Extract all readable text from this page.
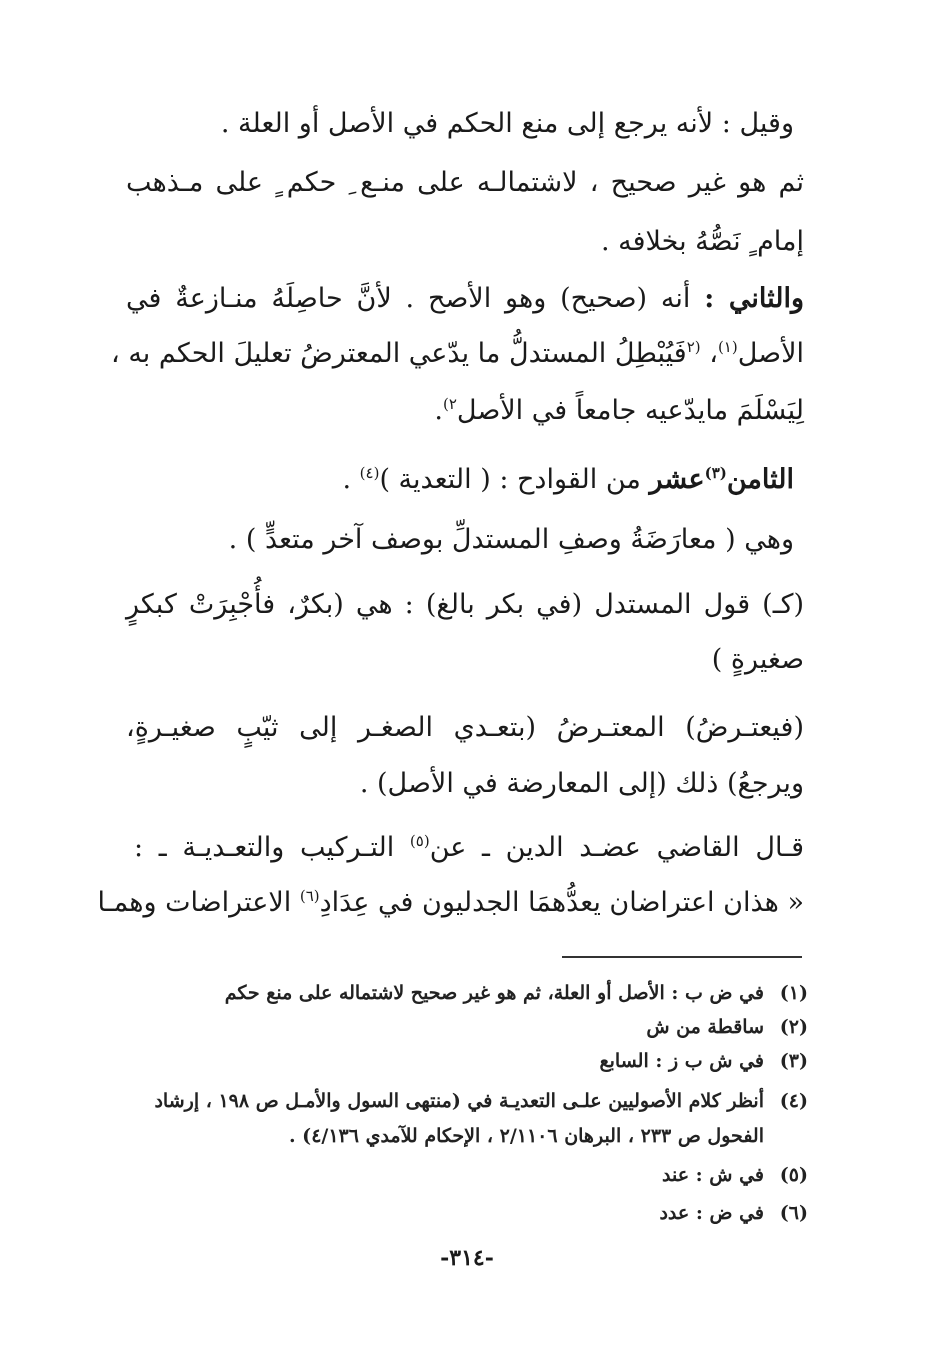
وقيل : لأنه يرجع إلى منع الحكم في الأصل أو العلة .
ثم هو غير صحيح ، لاشتمالـه على منـع ِ حكم ٍ على مـذهب
إمام ٍ نَصُّهُ بخلافه .
والثاني : أنه (صحيح) وهو الأصح . لأنَّ حاصِلَهُ منـازعةٌ في
الأصل$^{(١)}$، $^{(٢}$فَيُبْطِلُ المستدلُّ ما يدّعي المعترضُ تعليلَ الحكم به ،
لِيَسْلَمَ مايدّعيه جامعاً في الأصل$^{٢)}$.
الثامن$^{(٣)}$عشر من القوادح : ( التعدية )$^{(٤)}$ .
وهي ( معارَضَةُ وصفِ المستدلِّ بوصف آخر متعدٍّ ) .
(كـ) قول المستدل (في بكر بالغ) : هي (بكرٌ، فأُجْبِرَتْ كبكرٍ
صغيرةٍ )
(فيعتـرضُ) المعتـرضُ (بتعـدي الصغـر إلى ثيّبٍ صغيـرةٍ،
ويرجعُ) ذلك (إلى المعارضة في الأصل) .
قـال القاضي عضـد الدين ـ عن$^{(٥)}$ التـركيب والتعـديـة ـ :
« هذان اعتراضان يعدُّهمَا الجدليون في عِدَادِ$^{(٦)}$ الاعتراضات وهمـا
(١)في ض ب : الأصل أو العلة، ثم هو غير صحيح لاشتماله على منع حكم
(٢)ساقطة من ش
(٣)في ش ب ز : السابع
(٤)أنظر كلام الأصوليين علـى التعديـة في (منتهى السول والأمـل ص ١٩٨ ، إرشاد
الفحول ص ٢٣٣ ، البرهان ٢/١١٠٦ ، الإحكام للآمدي ٤/١٣٦) .
(٥)في ش : عند
(٦)في ض : عدد
-٣١٤-
